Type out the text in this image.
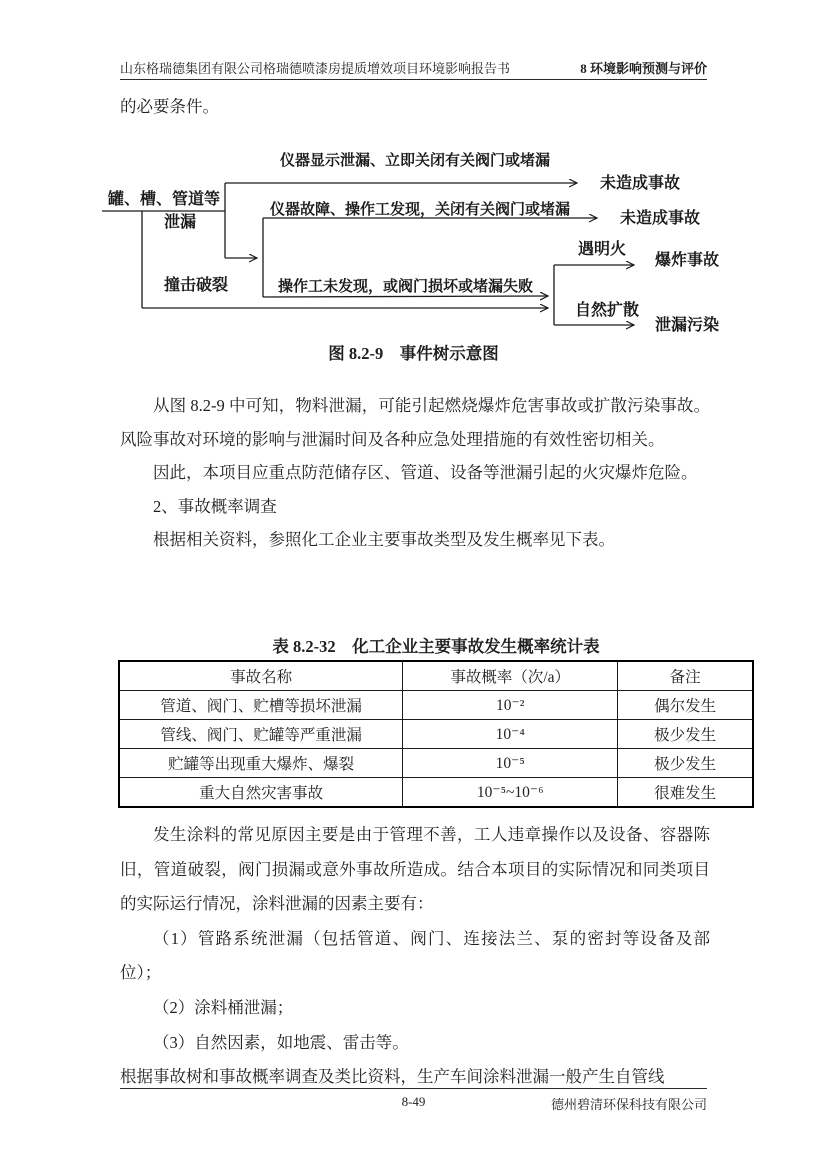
山东格瑞德集团有限公司格瑞德喷漆房提质增效项目环境影响报告书	8 环境影响预测与评价

的必要条件。

罐、槽、管道等
泄漏
撞击破裂
仪器显示泄漏、立即关闭有关阀门或堵漏
仪器故障、操作工发现，关闭有关阀门或堵漏
操作工未发现，或阀门损坏或堵漏失败
未造成事故
未造成事故
遇明火
爆炸事故
自然扩散
泄漏污染
图 8.2-9　事件树示意图

从图 8.2-9 中可知，物料泄漏，可能引起燃烧爆炸危害事故或扩散污染事故。风险事故对环境的影响与泄漏时间及各种应急处理措施的有效性密切相关。

因此，本项目应重点防范储存区、管道、设备等泄漏引起的火灾爆炸危险。

2、事故概率调查

根据相关资料，参照化工企业主要事故类型及发生概率见下表。

表 8.2-32　化工企业主要事故发生概率统计表
事故名称	事故概率（次/a）	备注
管道、阀门、贮槽等损坏泄漏	10⁻²	偶尔发生
管线、阀门、贮罐等严重泄漏	10⁻⁴	极少发生
贮罐等出现重大爆炸、爆裂	10⁻⁵	极少发生
重大自然灾害事故	10⁻⁵~10⁻⁶	很难发生

发生涂料的常见原因主要是由于管理不善，工人违章操作以及设备、容器陈旧，管道破裂，阀门损漏或意外事故所造成。结合本项目的实际情况和同类项目的实际运行情况，涂料泄漏的因素主要有：

（1）管路系统泄漏（包括管道、阀门、连接法兰、泵的密封等设备及部位）；

（2）涂料桶泄漏；

（3）自然因素，如地震、雷击等。

根据事故树和事故概率调查及类比资料，生产车间涂料泄漏一般产生自管线

8-49	德州碧清环保科技有限公司
